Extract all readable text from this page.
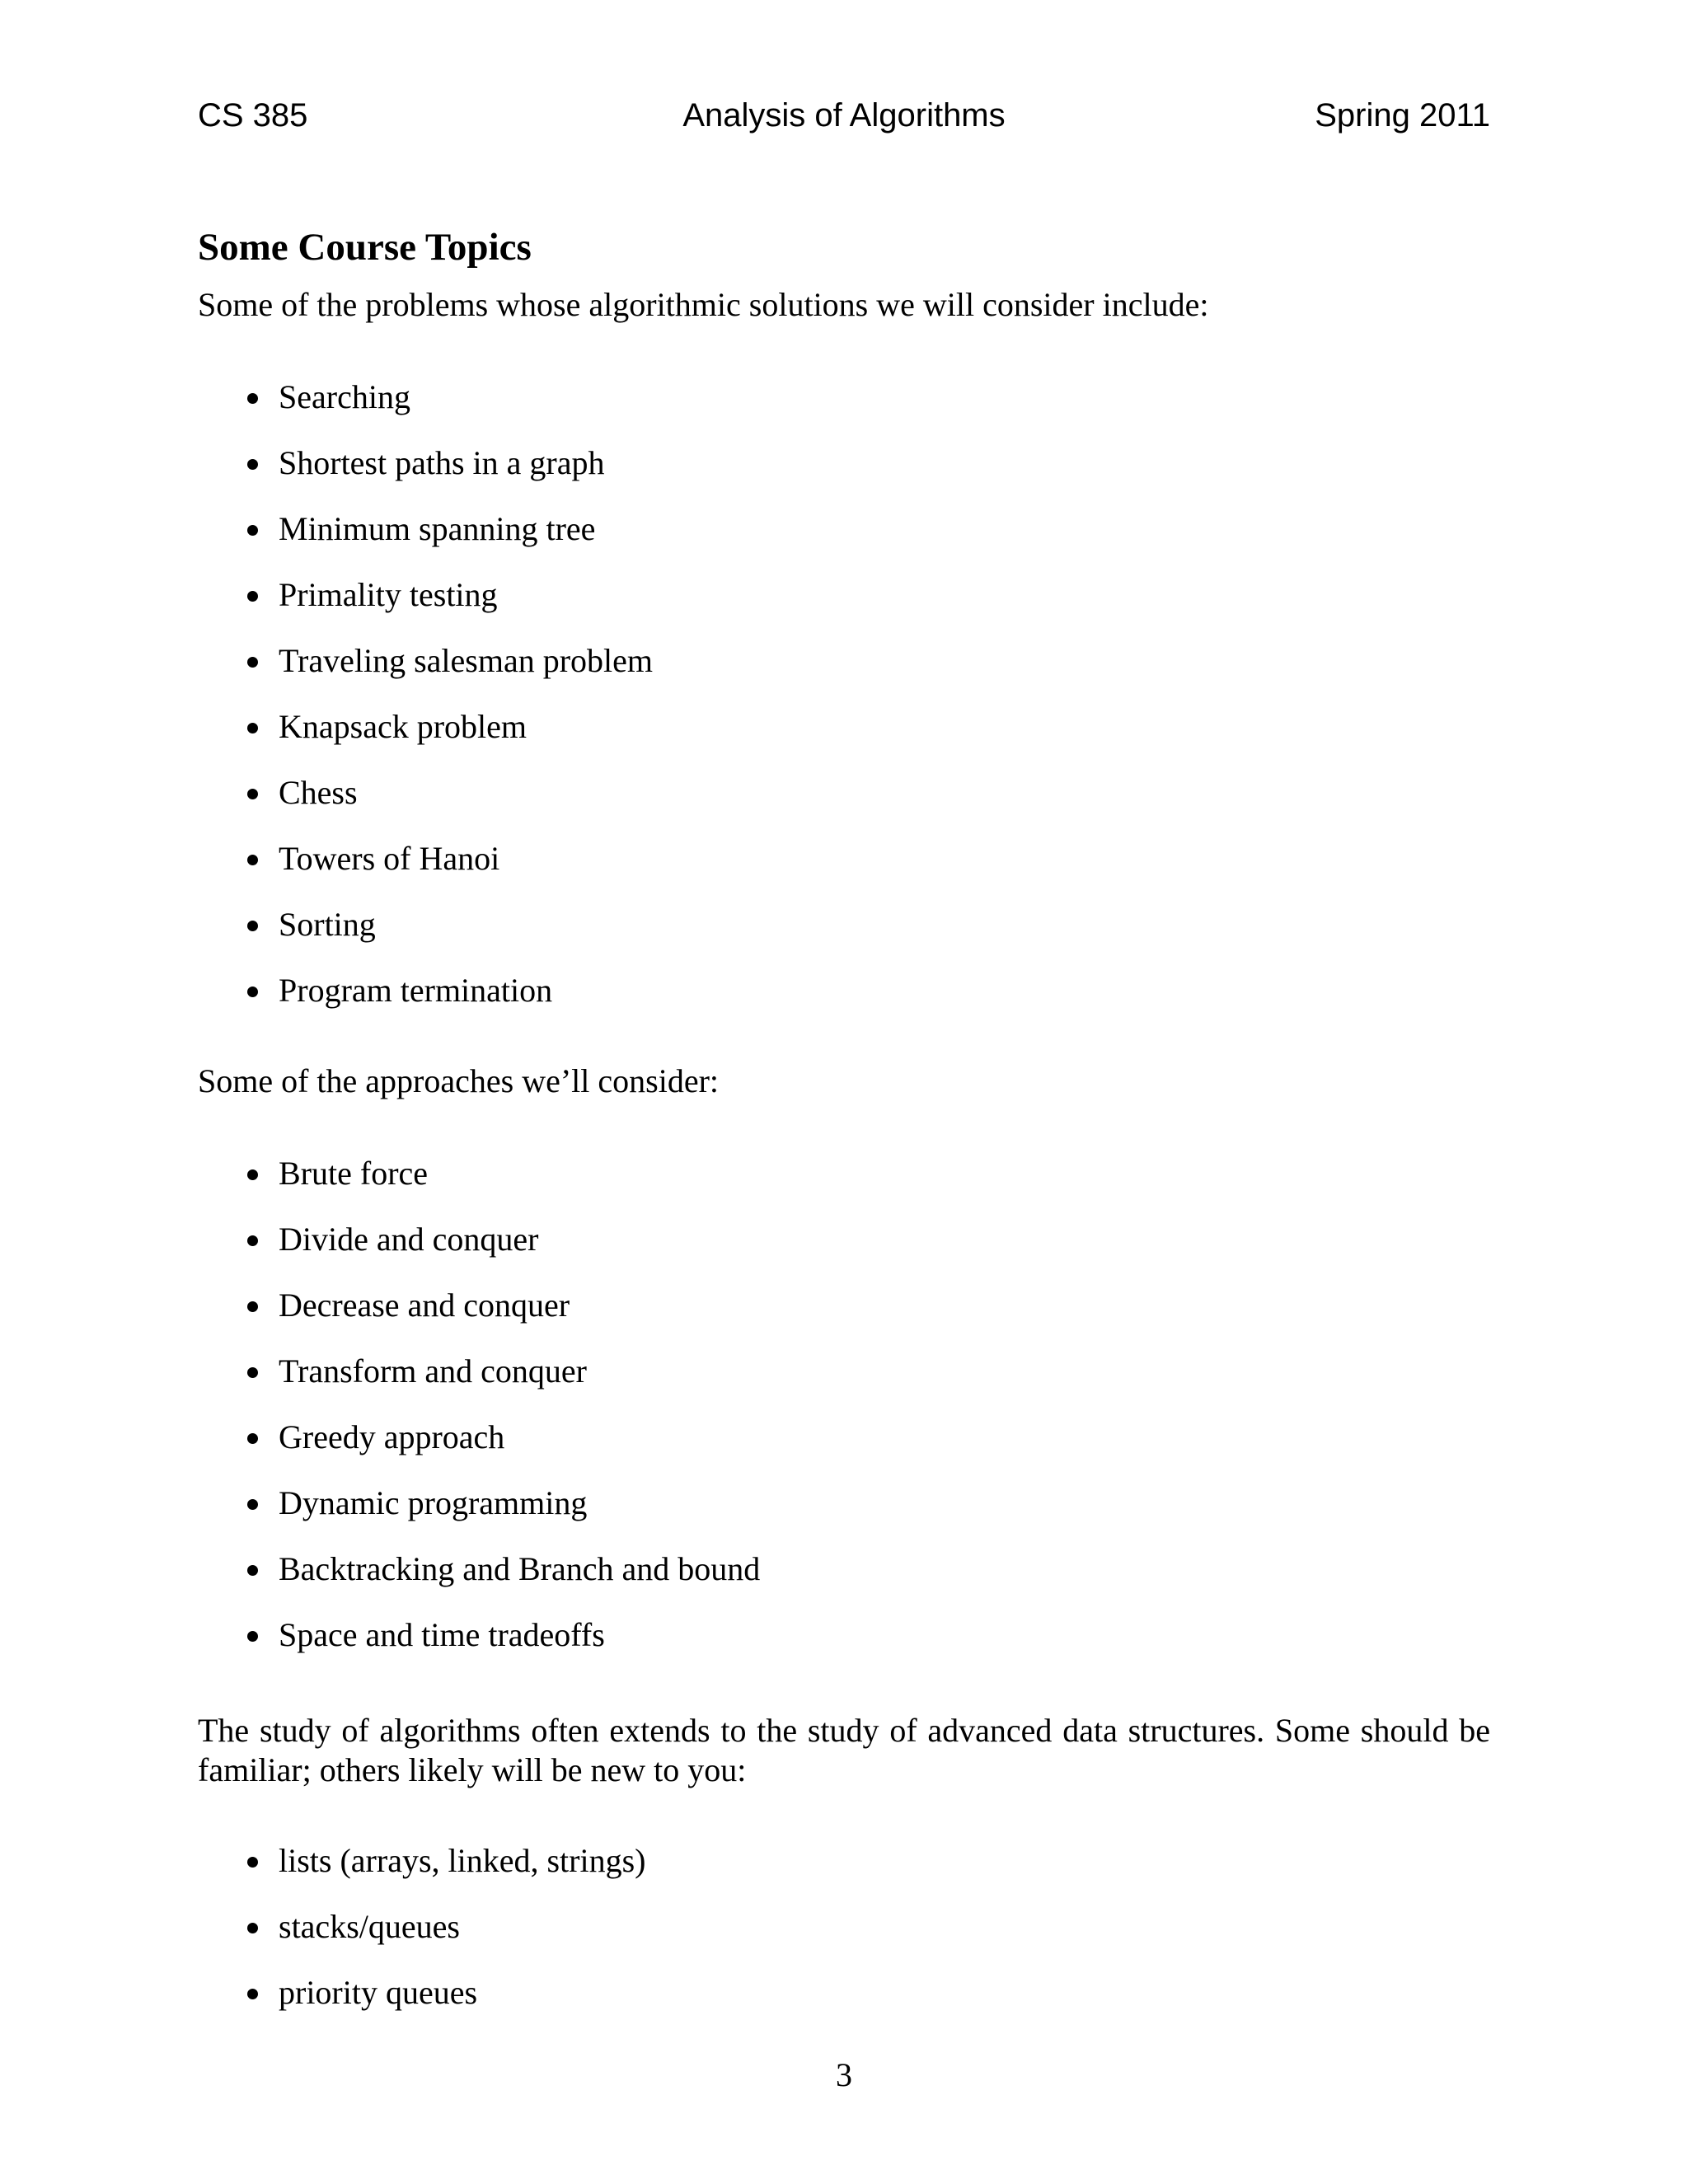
CS 385	Analysis of Algorithms	Spring 2011
Some Course Topics

Some of the problems whose algorithmic solutions we will consider include:

Searching
Shortest paths in a graph
Minimum spanning tree
Primality testing
Traveling salesman problem
Knapsack problem
Chess
Towers of Hanoi
Sorting
Program termination

Some of the approaches we’ll consider:

Brute force
Divide and conquer
Decrease and conquer
Transform and conquer
Greedy approach
Dynamic programming
Backtracking and Branch and bound
Space and time tradeoffs

The study of algorithms often extends to the study of advanced data structures. Some should be familiar; others likely will be new to you:

lists (arrays, linked, strings)
stacks/queues
priority queues
3
